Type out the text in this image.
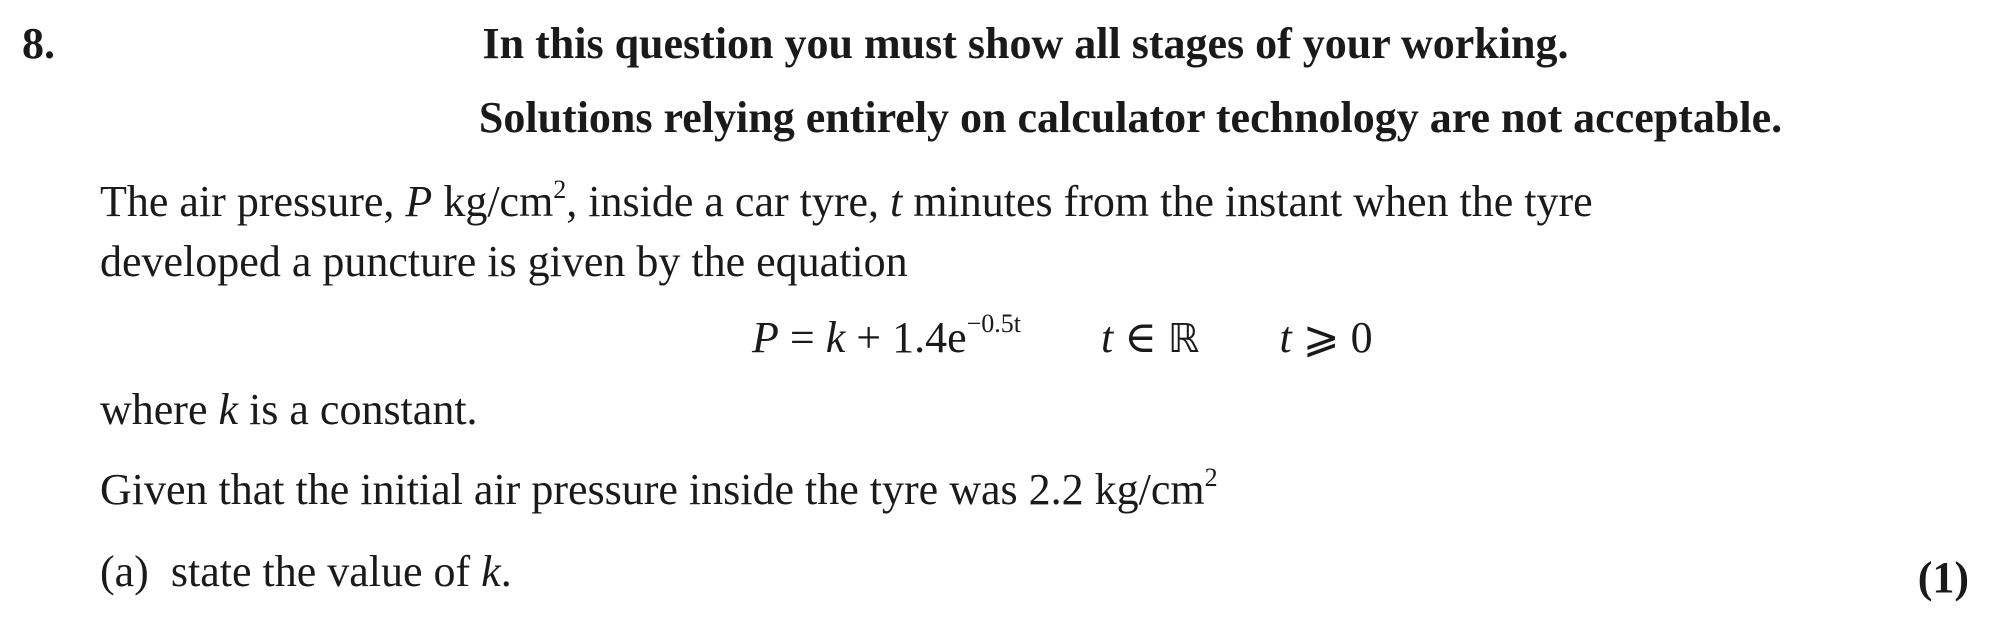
8.	In this question you must show all stages of your working.
Solutions relying entirely on calculator technology are not acceptable.
The air pressure, P $kg/cm^2$, inside a car tyre, t minutes from the instant when the tyre
developed a puncture is given by the equation
$P = k + 1.4e^{-0.5t}$ t ∈ ℝ t ⩾ 0
where k is a constant.
Given that the initial air pressure inside the tyre was 2.2 $kg/cm^2$
(a)  state the value of k.	(1)
